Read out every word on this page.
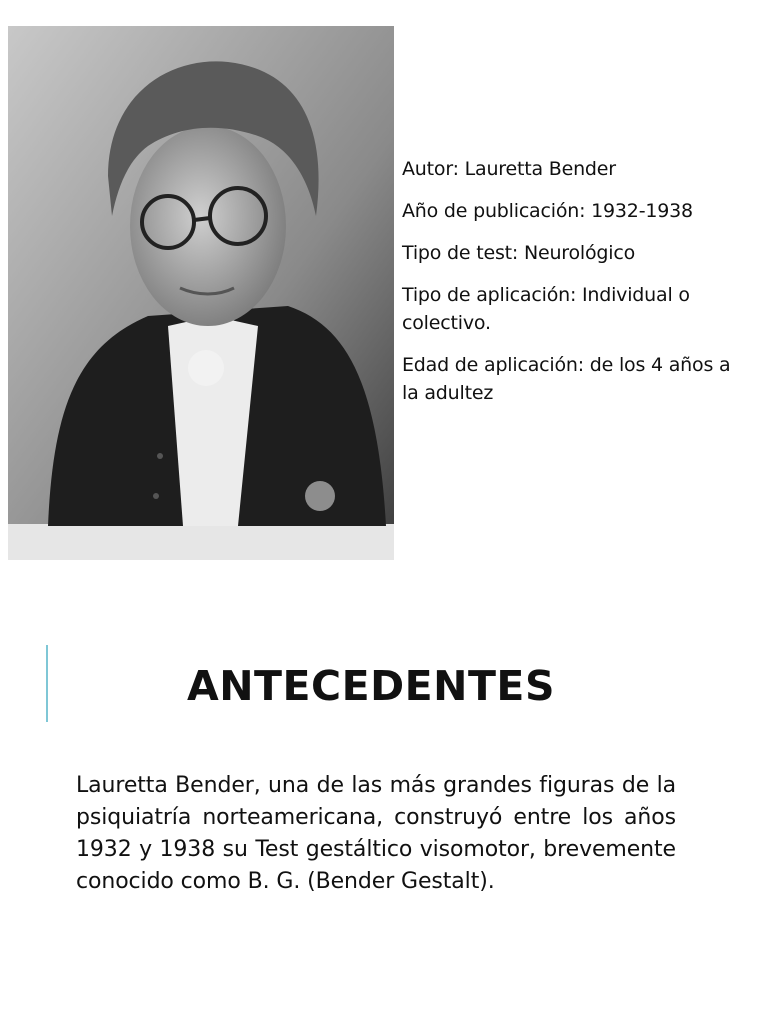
Autor: Lauretta Bender
Año de publicación: 1932-1938
Tipo de test: Neurológico
Tipo de aplicación: Individual o colectivo.
Edad de aplicación: de los 4 años a la adultez
ANTECEDENTES

Lauretta Bender, una de las más grandes figuras de la psiquiatría norteamericana, construyó entre los años 1932 y 1938 su Test gestáltico visomotor, brevemente conocido como B. G. (Bender Gestalt).
